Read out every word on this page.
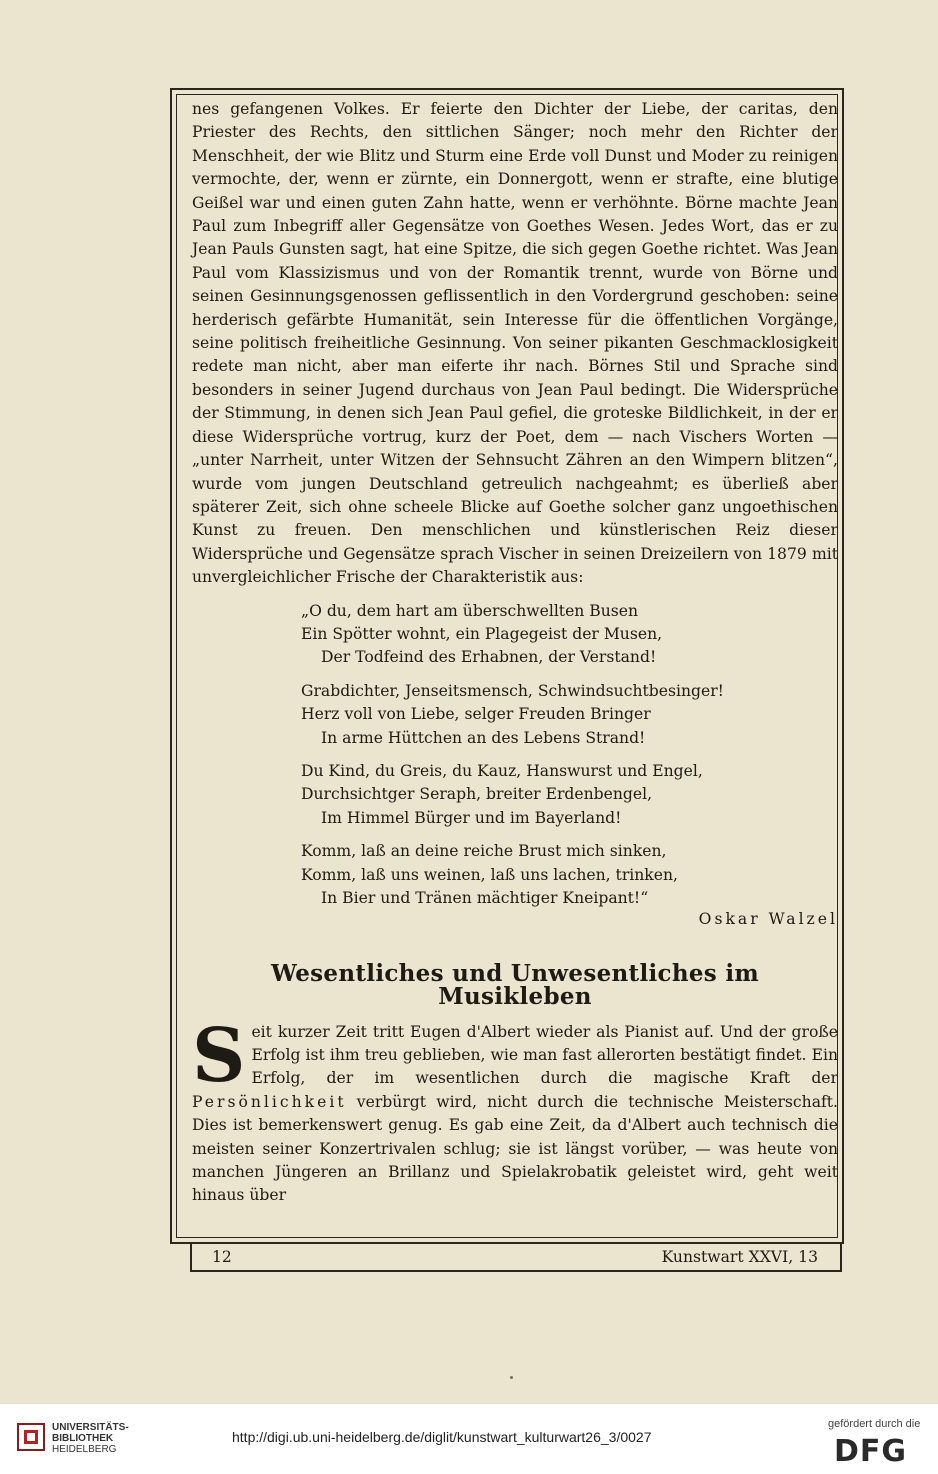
nes gefangenen Volkes. Er feierte den Dichter der Liebe, der caritas, den Priester des Rechts, den sittlichen Sänger; noch mehr den Richter der Menschheit, der wie Blitz und Sturm eine Erde voll Dunst und Moder zu reinigen vermochte, der, wenn er zürnte, ein Donnergott, wenn er strafte, eine blutige Geißel war und einen guten Zahn hatte, wenn er verhöhnte. Börne machte Jean Paul zum Inbegriff aller Gegensätze von Goethes Wesen. Jedes Wort, das er zu Jean Pauls Gunsten sagt, hat eine Spitze, die sich gegen Goethe richtet. Was Jean Paul vom Klassizismus und von der Romantik trennt, wurde von Börne und seinen Gesinnungsgenossen geflissentlich in den Vordergrund geschoben: seine herderisch gefärbte Humanität, sein Interesse für die öffentlichen Vorgänge, seine politisch freiheitliche Gesinnung. Von seiner pikanten Geschmacklosigkeit redete man nicht, aber man eiferte ihr nach. Börnes Stil und Sprache sind besonders in seiner Jugend durchaus von Jean Paul bedingt. Die Widersprüche der Stimmung, in denen sich Jean Paul gefiel, die groteske Bildlichkeit, in der er diese Widersprüche vortrug, kurz der Poet, dem — nach Vischers Worten — „unter Narrheit, unter Witzen der Sehnsucht Zähren an den Wimpern blitzen“, wurde vom jungen Deutschland getreulich nachgeahmt; es überließ aber späterer Zeit, sich ohne scheele Blicke auf Goethe solcher ganz ungoethischen Kunst zu freuen. Den menschlichen und künstlerischen Reiz dieser Widersprüche und Gegensätze sprach Vischer in seinen Dreizeilern von 1879 mit unvergleichlicher Frische der Charakteristik aus:

„O du, dem hart am überschwellten Busen
Ein Spötter wohnt, ein Plagegeist der Musen,
Der Todfeind des Erhabnen, der Verstand!
Grabdichter, Jenseitsmensch, Schwindsuchtbesinger!
Herz voll von Liebe, selger Freuden Bringer
In arme Hüttchen an des Lebens Strand!
Du Kind, du Greis, du Kauz, Hanswurst und Engel,
Durchsichtger Seraph, breiter Erdenbengel,
Im Himmel Bürger und im Bayerland!
Komm, laß an deine reiche Brust mich sinken,
Komm, laß uns weinen, laß uns lachen, trinken,
In Bier und Tränen mächtiger Kneipant!“
Oskar Walzel
Wesentliches und Unwesentliches im Musikleben

Seit kurzer Zeit tritt Eugen d'Albert wieder als Pianist auf. Und der große Erfolg ist ihm treu geblieben, wie man fast allerorten bestätigt findet. Ein Erfolg, der im wesentlichen durch die magische Kraft der Persönlichkeit verbürgt wird, nicht durch die technische Meisterschaft. Dies ist bemerkenswert genug. Es gab eine Zeit, da d'Albert auch technisch die meisten seiner Konzertrivalen schlug; sie ist längst vorüber, — was heute von manchen Jüngeren an Brillanz und Spielakrobatik geleistet wird, geht weit hinaus über

12	Kunstwart XXVI, 13
UNIVERSITÄTS-
BIBLIOTHEK
HEIDELBERG
http://digi.ub.uni-heidelberg.de/diglit/kunstwart_kulturwart26_3/0027
gefördert durch die
DFG
